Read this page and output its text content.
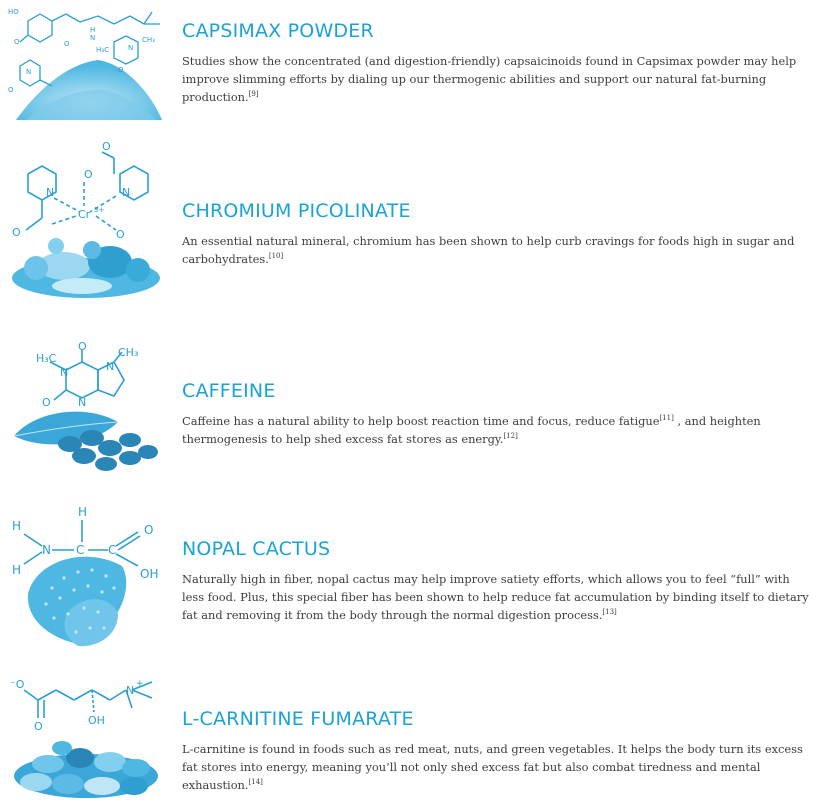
HO
O
H
N
O
H₃C
CH₃
N
O
N
O
CAPSIMAX POWDER

Studies show the concentrated (and digestion-friendly) capsaicinoids found in Capsimax powder may help improve slimming efforts by dialing up our thermogenic abilities and support our natural fat-burning production.[9]

O
O
N	N
Cr 3+
O	O
CHROMIUM PICOLINATE

An essential natural mineral, chromium has been shown to help curb cravings for foods high in sugar and carbohydrates.[10]

H₃C
O	CH₃
N	N
O N
CAFFEINE

Caffeine has a natural ability to help boost reaction time and focus, reduce fatigue[11] , and heighten thermogenesis to help shed excess fat stores as energy.[12]

H
H
O
N C C
H	OH
NOPAL CACTUS

Naturally high in fiber, nopal cactus may help improve satiety efforts, which allows you to feel “full” with less food. Plus, this special fiber has been shown to help reduce fat accumulation by binding itself to dietary fat and removing it from the body through the normal digestion process.[13]

⁻O	N +
O	OH	L-CARNITINE FUMARATE

L-carnitine is found in foods such as red meat, nuts, and green vegetables. It helps the body turn its excess fat stores into energy, meaning you’ll not only shed excess fat but also combat tiredness and mental exhaustion.[14]
